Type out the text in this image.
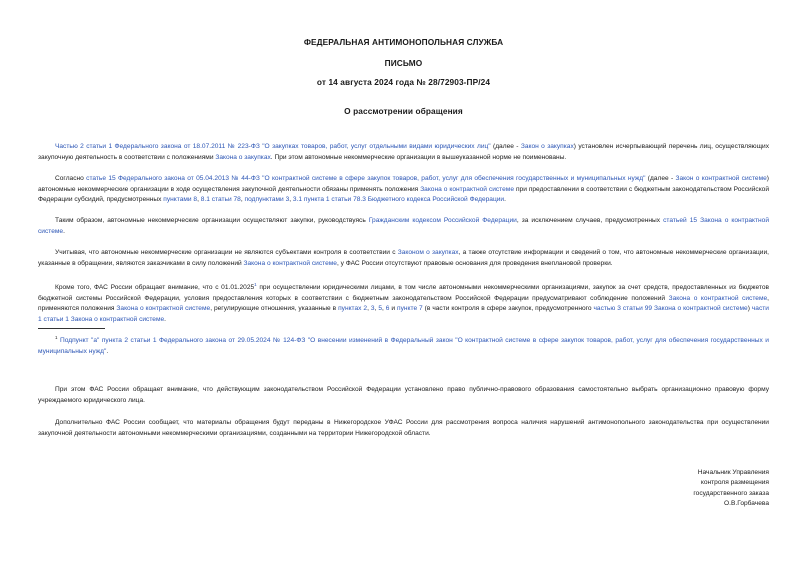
ФЕДЕРАЛЬНАЯ АНТИМОНОПОЛЬНАЯ СЛУЖБА
ПИСЬМО
от 14 августа 2024 года № 28/72903-ПР/24
О рассмотрении обращения

Частью 2 статьи 1 Федерального закона от 18.07.2011 № 223-ФЗ "О закупках товаров, работ, услуг отдельными видами юридических лиц" (далее - Закон о закупках) установлен исчерпывающий перечень лиц, осуществляющих закупочную деятельность в соответствии с положениями Закона о закупках. При этом автономные некоммерческие организации в вышеуказанной норме не поименованы.

Согласно статье 15 Федерального закона от 05.04.2013 № 44-ФЗ "О контрактной системе в сфере закупок товаров, работ, услуг для обеспечения государственных и муниципальных нужд" (далее - Закон о контрактной системе) автономные некоммерческие организации в ходе осуществления закупочной деятельности обязаны применять положения Закона о контрактной системе при предоставлении в соответствии с бюджетным законодательством Российской Федерации субсидий, предусмотренных пунктами 8, 8.1 статьи 78, подпунктами 3, 3.1 пункта 1 статьи 78.3 Бюджетного кодекса Российской Федерации.

Таким образом, автономные некоммерческие организации осуществляют закупки, руководствуясь Гражданским кодексом Российской Федерации, за исключением случаев, предусмотренных статьей 15 Закона о контрактной системе.

Учитывая, что автономные некоммерческие организации не являются субъектами контроля в соответствии с Законом о закупках, а также отсутствие информации и сведений о том, что автономные некоммерческие организации, указанные в обращении, являются заказчиками в силу положений Закона о контрактной системе, у ФАС России отсутствуют правовые основания для проведения внеплановой проверки.

Кроме того, ФАС России обращает внимание, что с 01.01.2025$^1$ при осуществлении юридическими лицами, в том числе автономными некоммерческими организациями, закупок за счет средств, предоставленных из бюджетов бюджетной системы Российской Федерации, условия предоставления которых в соответствии с бюджетным законодательством Российской Федерации предусматривают соблюдение положений Закона о контрактной системе, применяются положения Закона о контрактной системе, регулирующие отношения, указанные в пунктах 2, 3, 5, 6 и пункте 7 (в части контроля в сфере закупок, предусмотренного частью 3 статьи 99 Закона о контрактной системе) части 1 статьи 1 Закона о контрактной системе.

$^1$ Подпункт "а" пункта 2 статьи 1 Федерального закона от 29.05.2024 № 124-ФЗ "О внесении изменений в Федеральный закон "О контрактной системе в сфере закупок товаров, работ, услуг для обеспечения государственных и муниципальных нужд".

При этом ФАС России обращает внимание, что действующим законодательством Российской Федерации установлено право публично-правового образования самостоятельно выбрать организационно правовую форму учреждаемого юридического лица.

Дополнительно ФАС России сообщает, что материалы обращения будут переданы в Нижегородское УФАС России для рассмотрения вопроса наличия нарушений антимонопольного законодательства при осуществлении закупочной деятельности автономными некоммерческими организациями, созданными на территории Нижегородской области.

Начальник Управления
контроля размещения
государственного заказа
О.В.Горбачева
